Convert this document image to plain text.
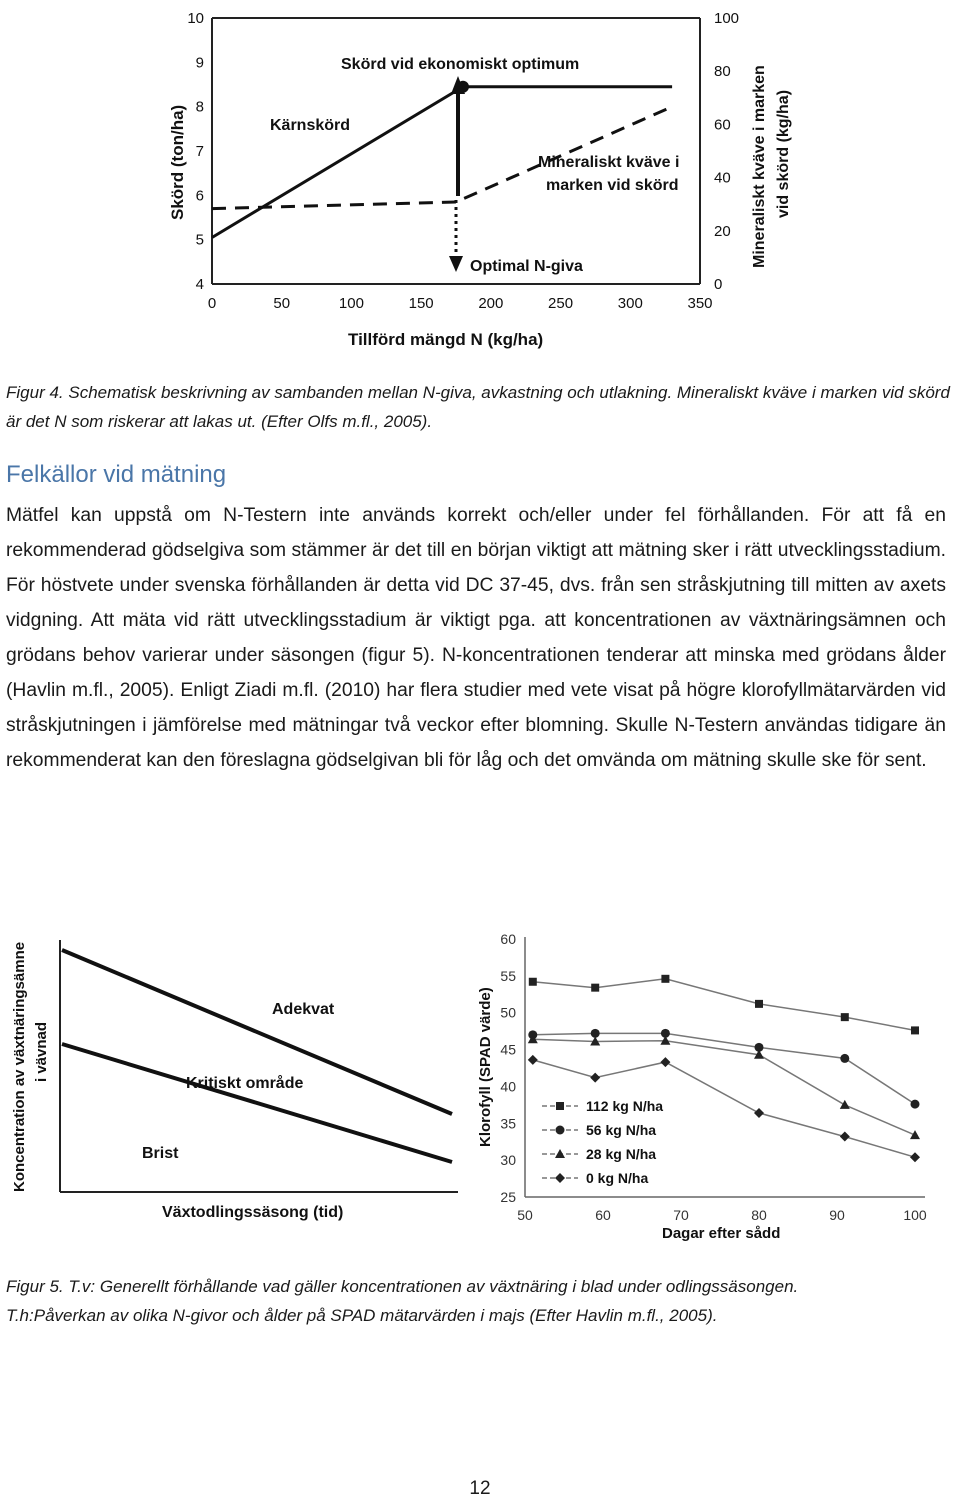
0	50	100	150	200	250	300	350
4
5
6
7
8
9
10
0
20
40
60
80
100
Skörd vid ekonomiskt optimum
Kärnskörd
Mineraliskt kväve i
marken vid skörd
Optimal N-giva
Skörd (ton/ha)	Mineraliskt kväve i marken vid skörd (kg/ha)
Tillförd mängd N (kg/ha)
Figur 4. Schematisk beskrivning av sambanden mellan N-giva, avkastning och utlakning. Mineraliskt kväve i marken vid skörd är det N som riskerar att lakas ut. (Efter Olfs m.fl., 2005).
Felkällor vid mätning
Mätfel kan uppstå om N-Testern inte används korrekt och/eller under fel förhållanden. För att få en rekommenderad gödselgiva som stämmer är det till en början viktigt att mätning sker i rätt utvecklingsstadium. För höstvete under svenska förhållanden är detta vid DC 37-45, dvs. från sen stråskjutning till mitten av axets vidgning. Att mäta vid rätt utvecklingsstadium är viktigt pga. att koncentrationen av växtnäringsämnen och grödans behov varierar under säsongen (figur 5). N-koncentrationen tenderar att minska med grödans ålder (Havlin m.fl., 2005). Enligt Ziadi m.fl. (2010) har flera studier med vete visat på högre klorofyllmätarvärden vid stråskjutningen i jämförelse med mätningar två veckor efter blomning. Skulle N-Testern användas tidigare än rekommenderat kan den föreslagna gödselgivan bli för låg och det omvända om mätning skulle ske för sent.
Adekvat
Kritiskt område
Brist
Koncentration av växtnäringsämne i vävnad
Växtodlingssäsong (tid)	50	60	70	80	90	100
25
30
35
40
45
50
55
60
112 kg N/ha
56 kg N/ha
28 kg N/ha
0 kg N/ha
Klorofyll (SPAD värde)
Dagar efter sådd
Figur 5. T.v: Generellt förhållande vad gäller koncentrationen av växtnäring i blad under odlingssäsongen.
T.h:Påverkan av olika N-givor och ålder på SPAD mätarvärden i majs (Efter Havlin m.fl., 2005).
12
